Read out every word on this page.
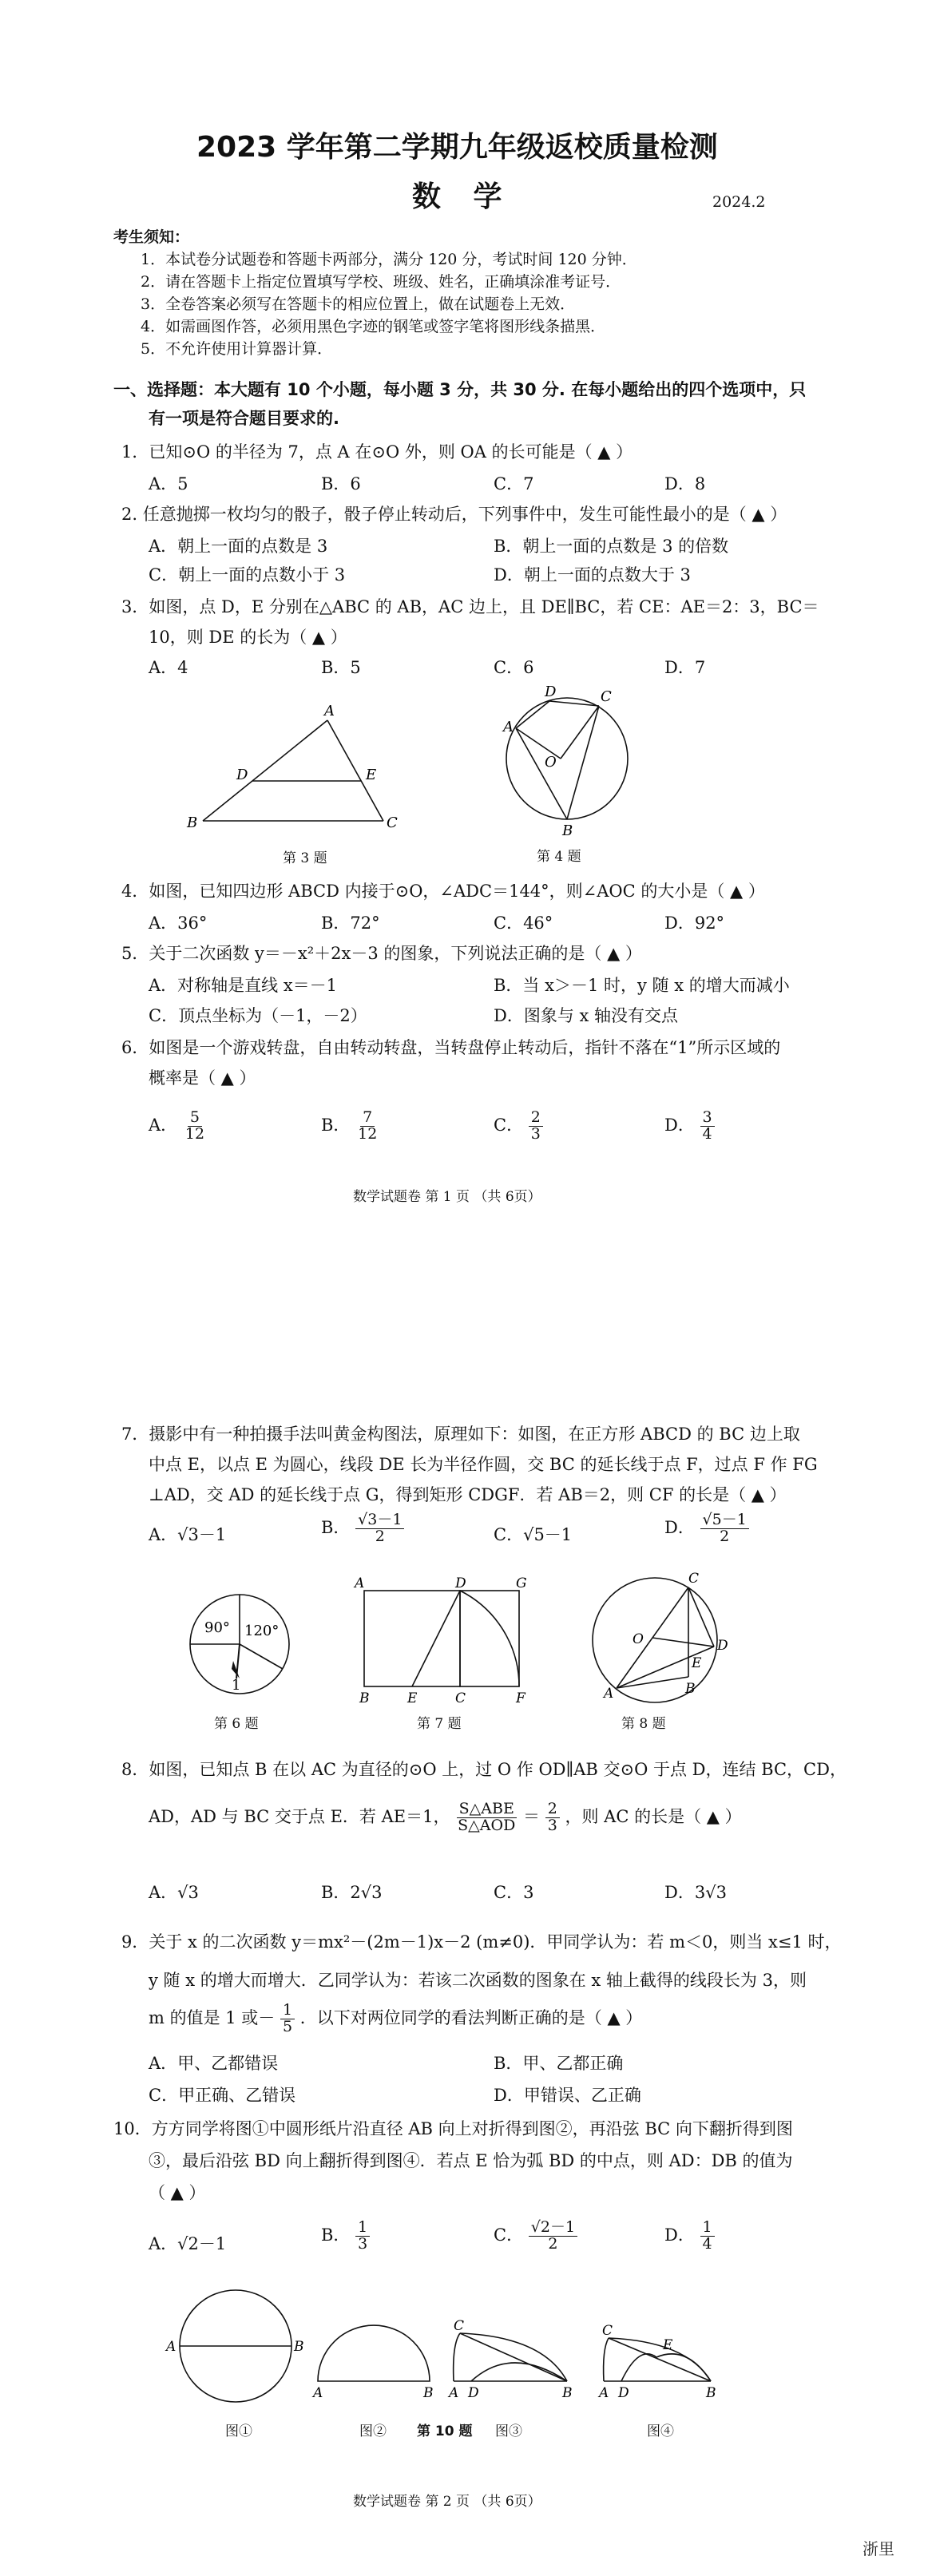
2023 学年第二学期九年级返校质量检测
数 学	2024.2
考生须知：
1．本试卷分试题卷和答题卡两部分，满分 120 分，考试时间 120 分钟．
2．请在答题卡上指定位置填写学校、班级、姓名，正确填涂准考证号．
3．全卷答案必须写在答题卡的相应位置上，做在试题卷上无效．
4．如需画图作答，必须用黑色字迹的钢笔或签字笔将图形线条描黑．
5．不允许使用计算器计算．
一、选择题：本大题有 10 个小题，每小题 3 分，共 30 分. 在每小题给出的四个选项中，只
有一项是符合题目要求的.
1．已知⊙O 的半径为 7，点 A 在⊙O 外，则 OA 的长可能是（ ▲ ）
A．5	B．6	C．7	D．8
2. 任意抛掷一枚均匀的骰子，骰子停止转动后，下列事件中，发生可能性最小的是（ ▲ ）
A．朝上一面的点数是 3	B．朝上一面的点数是 3 的倍数
C．朝上一面的点数小于 3	D．朝上一面的点数大于 3
3．如图，点 D，E 分别在△ABC 的 AB，AC 边上，且 DE∥BC，若 CE：AE＝2：3，BC＝
10，则 DE 的长为（ ▲ ）
A．4	B．5	C．6	D．7
A
D	E
B	C
第 3 题
A
D	C
O
B
第 4 题
4．如图，已知四边形 ABCD 内接于⊙O，∠ADC＝144°，则∠AOC 的大小是（ ▲ ）
A．36°	B．72°	C．46°	D．92°
5．关于二次函数 y＝－x²＋2x－3 的图象，下列说法正确的是（ ▲ ）
A．对称轴是直线 x＝－1	B．当 x＞－1 时，y 随 x 的增大而减小
C．顶点坐标为（－1，－2）	D．图象与 x 轴没有交点
6．如图是一个游戏转盘，自由转动转盘，当转盘停止转动后，指针不落在“1”所示区域的
概率是（ ▲ ）
A． $\frac{5}{12}$	B． $\frac{7}{12}$	C． $\frac{2}{3}$	D． $\frac{3}{4}$
数学试题卷 第 1 页 （共 6页）
7．摄影中有一种拍摄手法叫黄金构图法，原理如下：如图，在正方形 ABCD 的 BC 边上取
中点 E，以点 E 为圆心，线段 DE 长为半径作圆，交 BC 的延长线于点 F，过点 F 作 FG
⊥AD，交 AD 的延长线于点 G，得到矩形 CDGF．若 AB＝2，则 CF 的长是（ ▲ ）
A．√3－1	B． $\frac{√3-1}{2}$	C．√5－1	D． $\frac{√5-1}{2}$
90° 120°
1
第 6 题
A	D	G
B	E	C	F
第 7 题
C
O	D
E
A	B
第 8 题
8．如图，已知点 B 在以 AC 为直径的⊙O 上，过 O 作 OD∥AB 交⊙O 于点 D，连结 BC，CD，
AD，AD 与 BC 交于点 E．若 AE＝1， $\frac{\text{S△ABE}}{\text{S△AOD}} = \frac{2}{3}$ ，则 AC 的长是（ ▲ ）
A．√3	B．2√3	C．3	D．3√3
9．关于 x 的二次函数 y＝mx²－(2m－1)x－2 (m≠0)．甲同学认为：若 m＜0，则当 x≤1 时，
y 随 x 的增大而增大．乙同学认为：若该二次函数的图象在 x 轴上截得的线段长为 3，则
m 的值是 1 或－ $\frac{1}{5}$ ．以下对两位同学的看法判断正确的是（ ▲ ）
A．甲、乙都错误	B．甲、乙都正确
C．甲正确、乙错误	D．甲错误、乙正确
10．方方同学将图①中圆形纸片沿直径 AB 向上对折得到图②，再沿弦 BC 向下翻折得到图
③，最后沿弦 BD 向上翻折得到图④．若点 E 恰为弧 BD 的中点，则 AD：DB 的值为
（ ▲ ）
A．√2－1	B． $\frac{1}{3}$	C． $\frac{√2-1}{2}$	D． $\frac{1}{4}$
A	B
A	B
C
A D	B
C
E
A D	B
图①	图② 第 10 题 图③	图④
数学试题卷 第 2 页 （共 6页）
浙里
